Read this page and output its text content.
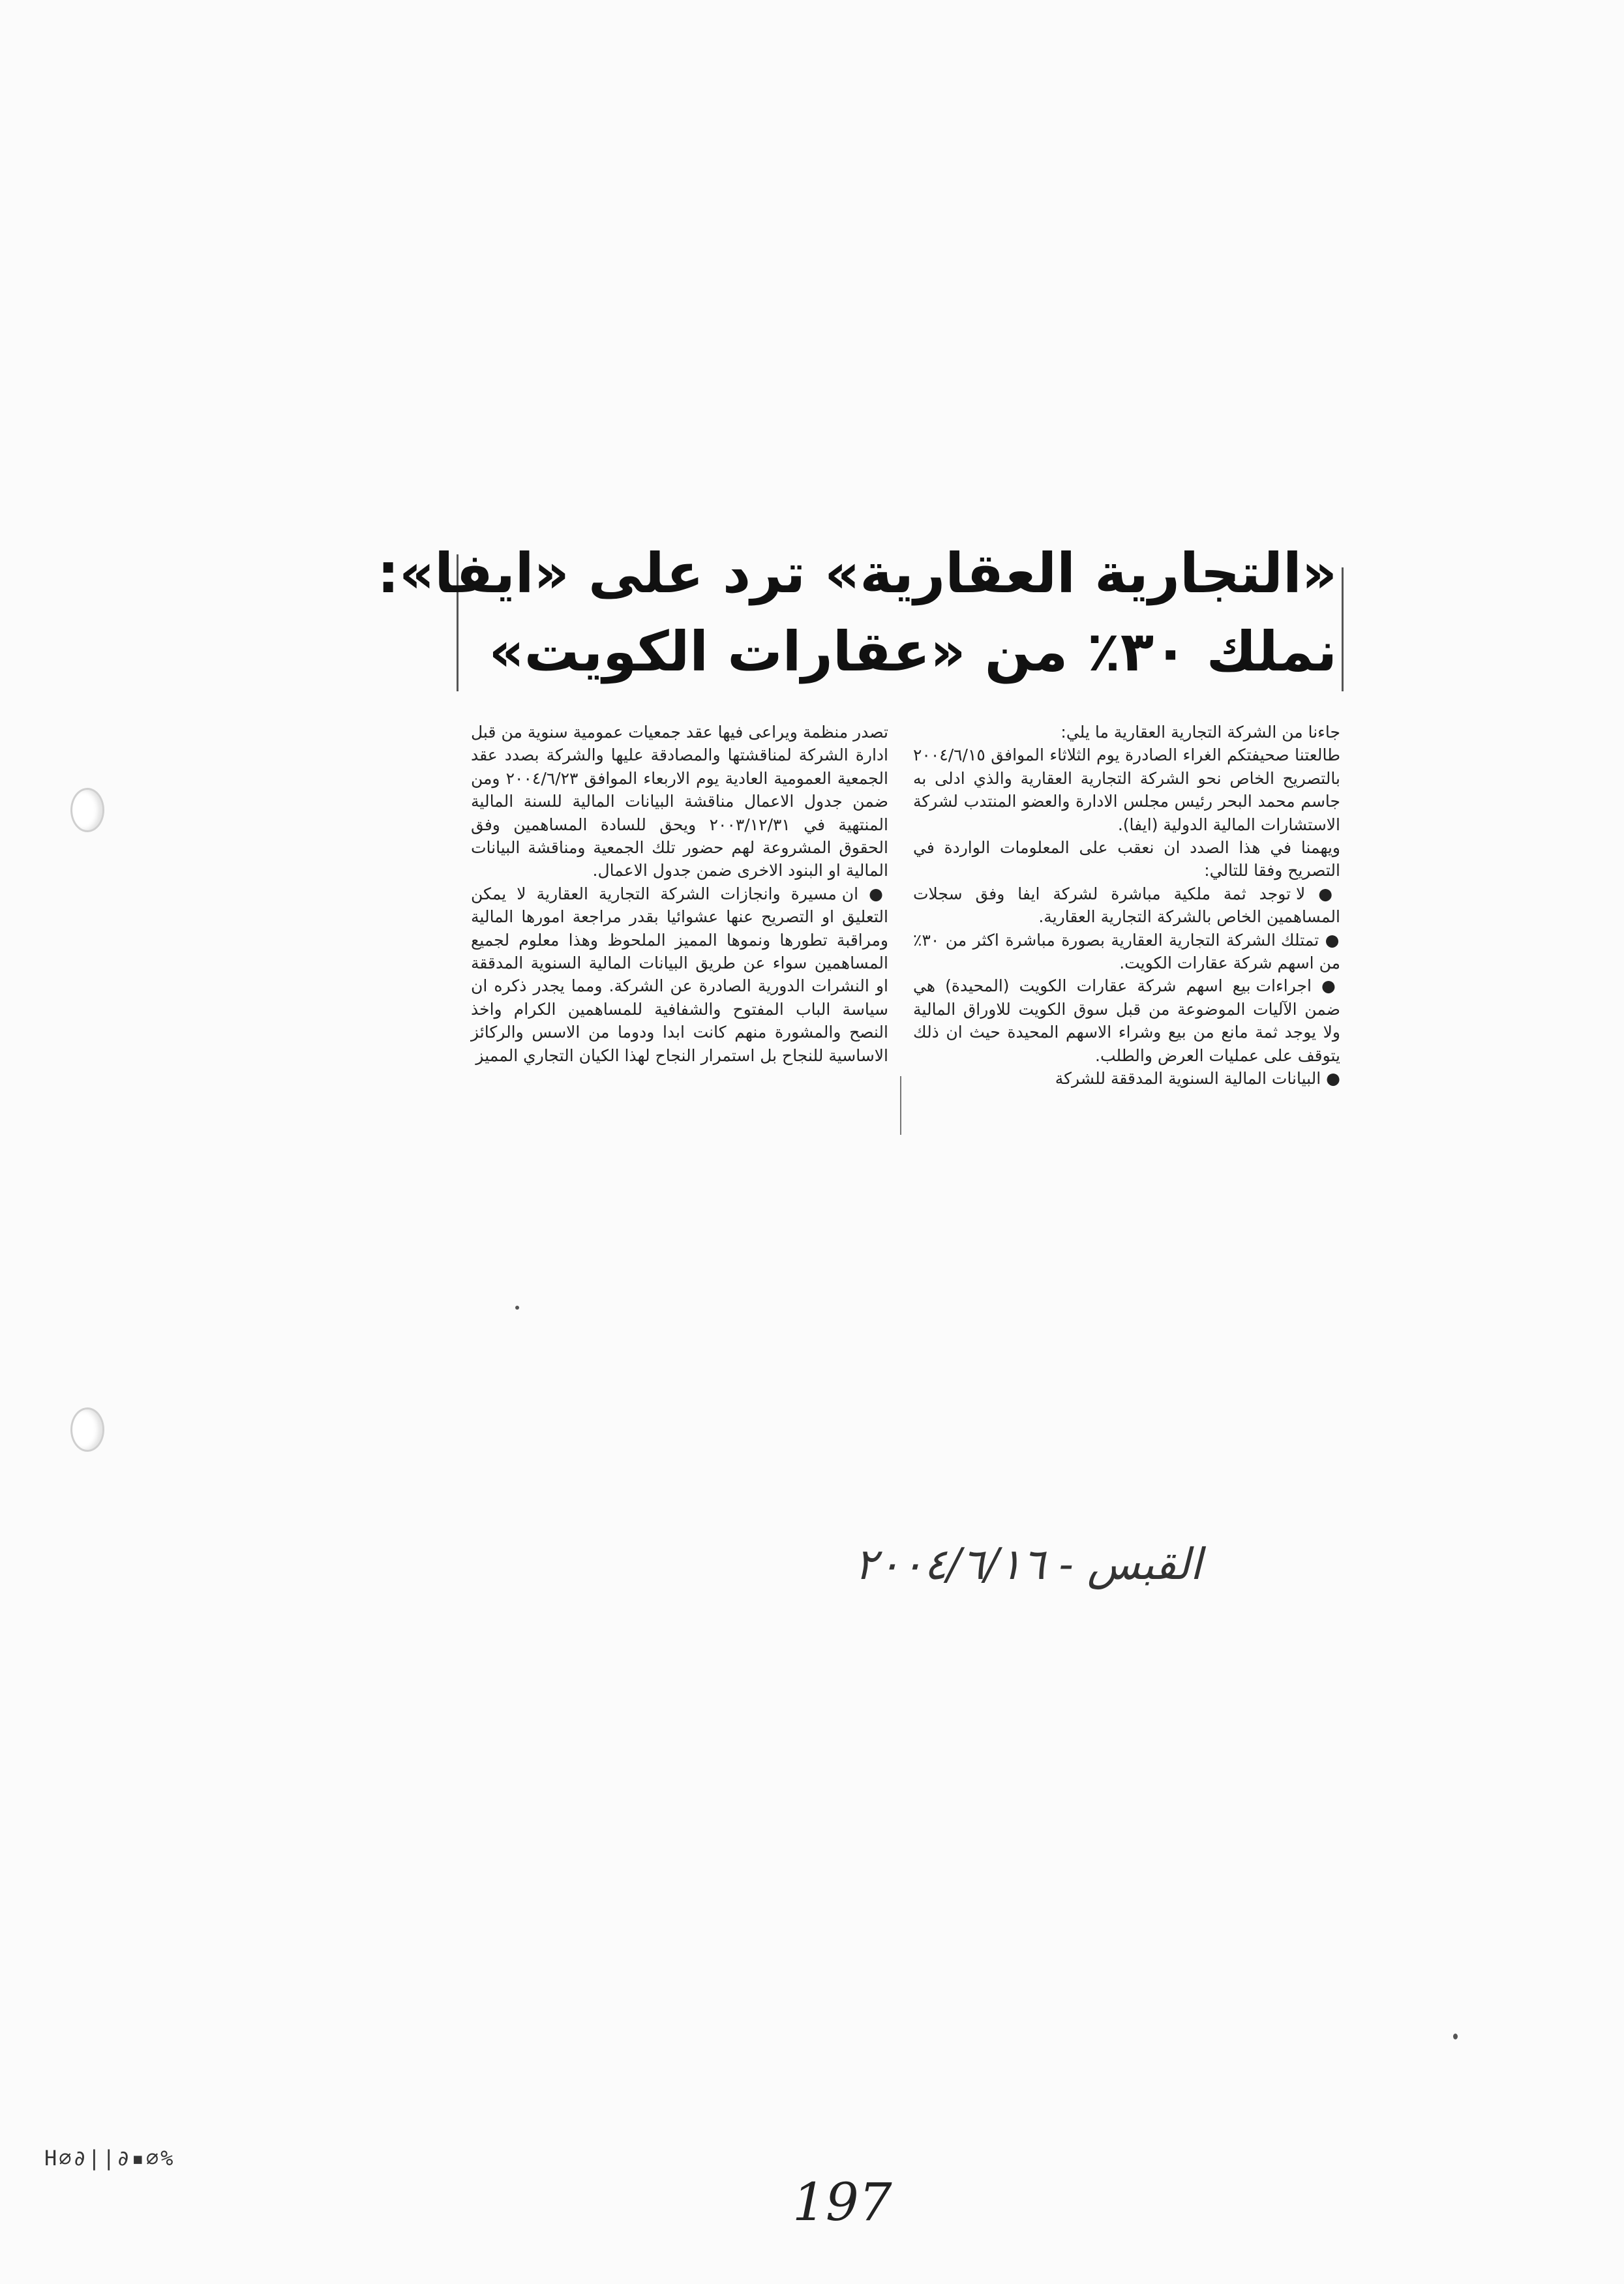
«التجارية العقارية» ترد على «ايفا»:
نملك ٣٠٪ من «عقارات الكويت»

جاءنا من الشركة التجارية العقارية ما يلي:

طالعتنا صحيفتكم الغراء الصادرة يوم الثلاثاء الموافق ٢٠٠٤/٦/١٥ بالتصريح الخاص نحو الشركة التجارية العقارية والذي ادلى به جاسم محمد البحر رئيس مجلس الادارة والعضو المنتدب لشركة الاستشارات المالية الدولية (ايفا).

ويهمنا في هذا الصدد ان نعقب على المعلومات الواردة في التصريح وفقا للتالي:

● لا توجد ثمة ملكية مباشرة لشركة ايفا وفق سجلات المساهمين الخاص بالشركة التجارية العقارية.

● تمتلك الشركة التجارية العقارية بصورة مباشرة اكثر من ٣٠٪ من اسهم شركة عقارات الكويت.

● اجراءات بيع اسهم شركة عقارات الكويت (المحيدة) هي ضمن الآليات الموضوعة من قبل سوق الكويت للاوراق المالية ولا يوجد ثمة مانع من بيع وشراء الاسهم المحيدة حيث ان ذلك يتوقف على عمليات العرض والطلب.

● البيانات المالية السنوية المدققة للشركة

تصدر منظمة ويراعى فيها عقد جمعيات عمومية سنوية من قبل ادارة الشركة لمناقشتها والمصادقة عليها والشركة بصدد عقد الجمعية العمومية العادية يوم الاربعاء الموافق ٢٠٠٤/٦/٢٣ ومن ضمن جدول الاعمال مناقشة البيانات المالية للسنة المالية المنتهية في ٢٠٠٣/١٢/٣١ ويحق للسادة المساهمين وفق الحقوق المشروعة لهم حضور تلك الجمعية ومناقشة البيانات المالية او البنود الاخرى ضمن جدول الاعمال.

● ان مسيرة وانجازات الشركة التجارية العقارية لا يمكن التعليق او التصريح عنها عشوائيا بقدر مراجعة امورها المالية ومراقبة تطورها ونموها المميز الملحوظ وهذا معلوم لجميع المساهمين سواء عن طريق البيانات المالية السنوية المدققة او النشرات الدورية الصادرة عن الشركة. ومما يجدر ذكره ان سياسة الباب المفتوح والشفافية للمساهمين الكرام واخذ النصح والمشورة منهم كانت ابدا ودوما من الاسس والركائز الاساسية للنجاح بل استمرار النجاح لهذا الكيان التجاري المميز

القبس - ٢٠٠٤/٦/١٦
197
H∅∂||∂▪∅%
